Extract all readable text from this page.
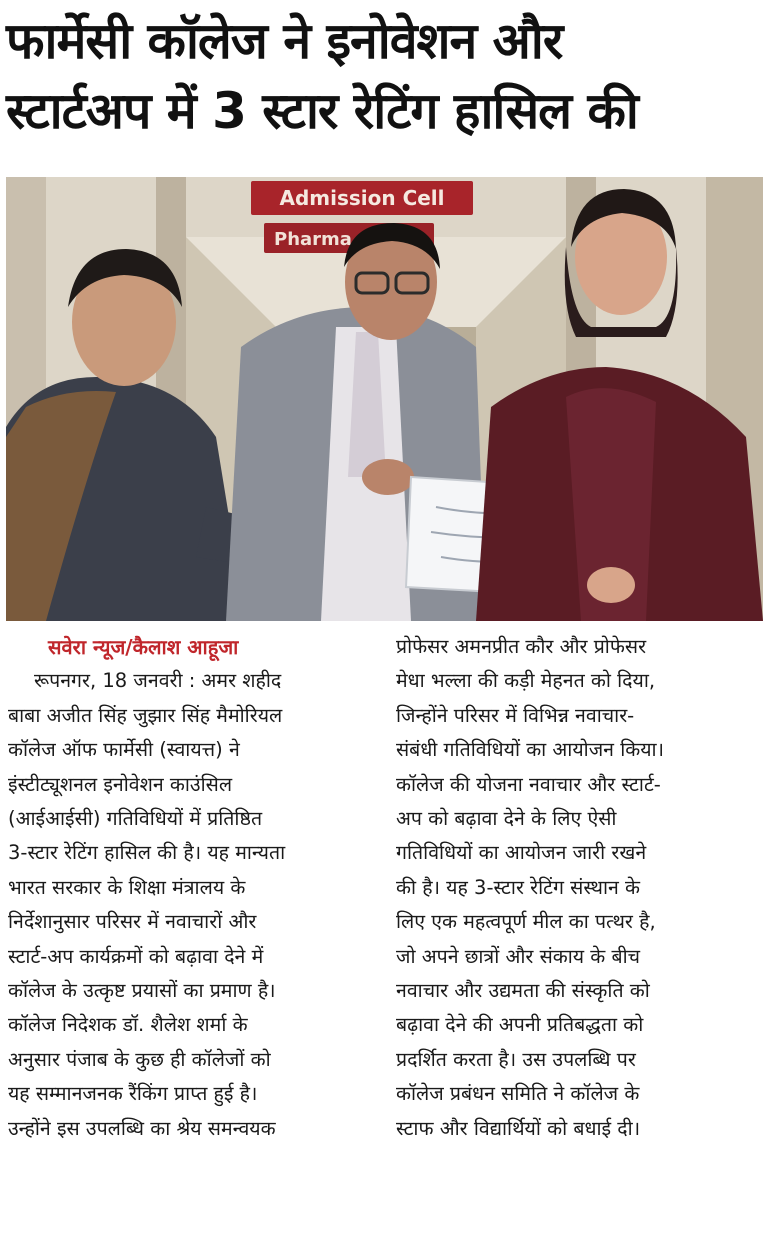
फार्मेसी कॉलेज ने इनोवेशन और
स्टार्टअप में 3 स्टार रेटिंग हासिल की
Admission Cell
Pharma
सवेरा न्यूज/कैलाश आहूजा
रूपनगर, 18 जनवरी : अमर शहीद
बाबा अजीत सिंह जुझार सिंह मैमोरियल
कॉलेज ऑफ फार्मेसी (स्वायत्त) ने
इंस्टीट्यूशनल इनोवेशन काउंसिल
(आईआईसी) गतिविधियों में प्रतिष्ठित
3-स्टार रेटिंग हासिल की है। यह मान्यता
भारत सरकार के शिक्षा मंत्रालय के
निर्देशानुसार परिसर में नवाचारों और
स्टार्ट-अप कार्यक्रमों को बढ़ावा देने में
कॉलेज के उत्कृष्ट प्रयासों का प्रमाण है।
कॉलेज निदेशक डॉ. शैलेश शर्मा के
अनुसार पंजाब के कुछ ही कॉलेजों को
यह सम्मानजनक रैंकिंग प्राप्त हुई है।
उन्होंने इस उपलब्धि का श्रेय समन्वयक
प्रोफेसर अमनप्रीत कौर और प्रोफेसर
मेधा भल्ला की कड़ी मेहनत को दिया,
जिन्होंने परिसर में विभिन्न नवाचार-
संबंधी गतिविधियों का आयोजन किया।
कॉलेज की योजना नवाचार और स्टार्ट-
अप को बढ़ावा देने के लिए ऐसी
गतिविधियों का आयोजन जारी रखने
की है। यह 3-स्टार रेटिंग संस्थान के
लिए एक महत्वपूर्ण मील का पत्थर है,
जो अपने छात्रों और संकाय के बीच
नवाचार और उद्यमता की संस्कृति को
बढ़ावा देने की अपनी प्रतिबद्धता को
प्रदर्शित करता है। उस उपलब्धि पर
कॉलेज प्रबंधन समिति ने कॉलेज के
स्टाफ और विद्यार्थियों को बधाई दी।
